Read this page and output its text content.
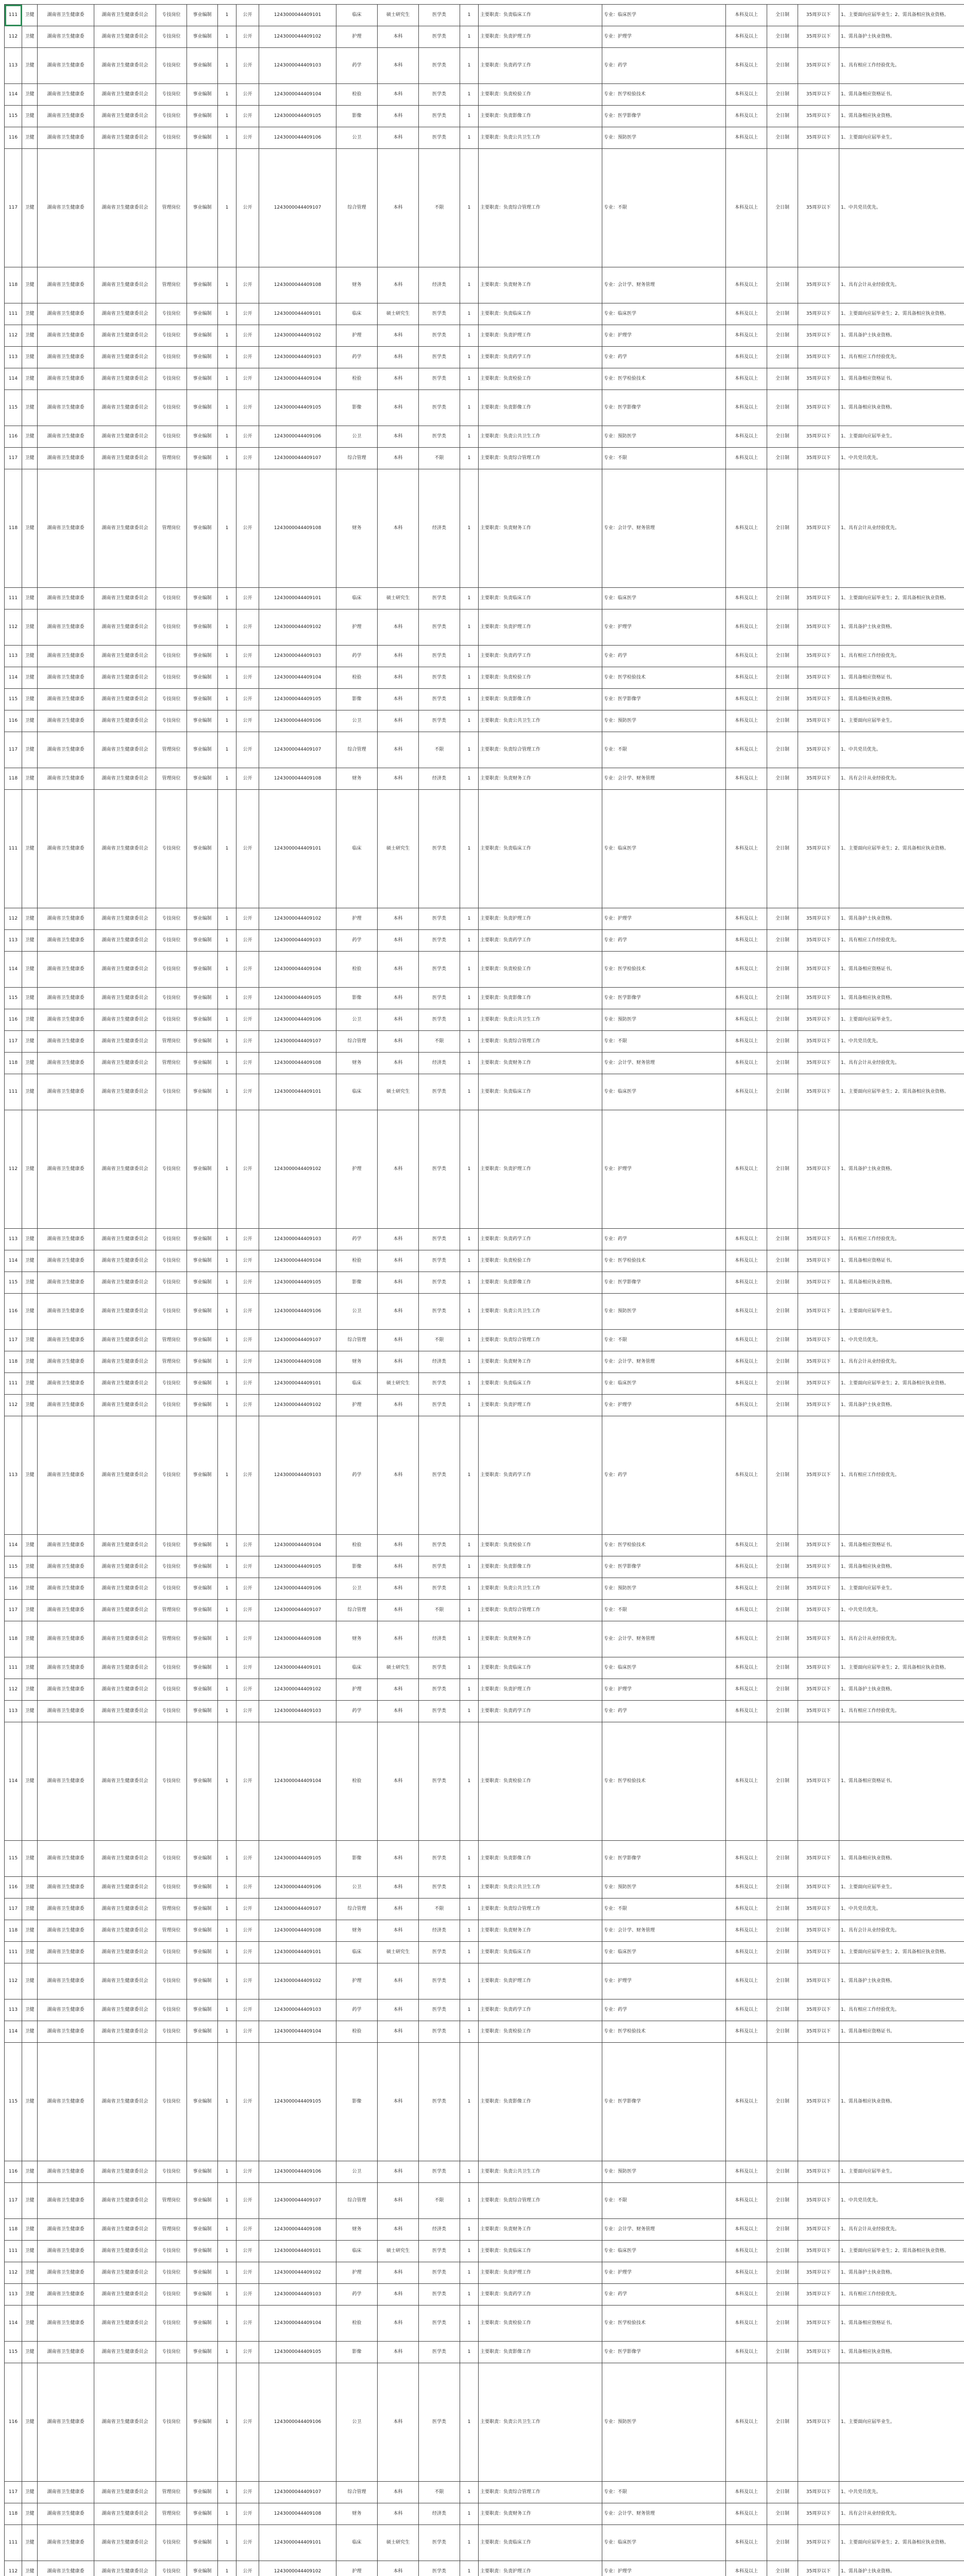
111	卫健	湖南省卫生健康委	湖南省卫生健康委员会	专技岗位	事业编制	1	公开	1243000044409101	临床	硕士研究生	医学类	1	主要职责：负责临床工作	专业：临床医学	本科及以上	全日制	35周岁以下	1、主要面向应届毕业生；2、需具备相应执业资格。
112	卫健	湖南省卫生健康委	湖南省卫生健康委员会	专技岗位	事业编制	1	公开	1243000044409102	护理	本科	医学类	1	主要职责：负责护理工作	专业：护理学	本科及以上	全日制	35周岁以下	1、需具备护士执业资格。
113	卫健	湖南省卫生健康委	湖南省卫生健康委员会	专技岗位	事业编制	1	公开	1243000044409103	药学	本科	医学类	1	主要职责：负责药学工作	专业：药学	本科及以上	全日制	35周岁以下	1、具有相应工作经验优先。
114	卫健	湖南省卫生健康委	湖南省卫生健康委员会	专技岗位	事业编制	1	公开	1243000044409104	检验	本科	医学类	1	主要职责：负责检验工作	专业：医学检验技术	本科及以上	全日制	35周岁以下	1、需具备相应资格证书。
115	卫健	湖南省卫生健康委	湖南省卫生健康委员会	专技岗位	事业编制	1	公开	1243000044409105	影像	本科	医学类	1	主要职责：负责影像工作	专业：医学影像学	本科及以上	全日制	35周岁以下	1、需具备相应执业资格。
116	卫健	湖南省卫生健康委	湖南省卫生健康委员会	专技岗位	事业编制	1	公开	1243000044409106	公卫	本科	医学类	1	主要职责：负责公共卫生工作	专业：预防医学	本科及以上	全日制	35周岁以下	1、主要面向应届毕业生。
117	卫健	湖南省卫生健康委	湖南省卫生健康委员会	管理岗位	事业编制	1	公开	1243000044409107	综合管理	本科	不限	1	主要职责：负责综合管理工作	专业：不限	本科及以上	全日制	35周岁以下	1、中共党员优先。
118	卫健	湖南省卫生健康委	湖南省卫生健康委员会	管理岗位	事业编制	1	公开	1243000044409108	财务	本科	经济类	1	主要职责：负责财务工作	专业：会计学、财务管理	本科及以上	全日制	35周岁以下	1、具有会计从业经验优先。
111	卫健	湖南省卫生健康委	湖南省卫生健康委员会	专技岗位	事业编制	1	公开	1243000044409101	临床	硕士研究生	医学类	1	主要职责：负责临床工作	专业：临床医学	本科及以上	全日制	35周岁以下	1、主要面向应届毕业生；2、需具备相应执业资格。
112	卫健	湖南省卫生健康委	湖南省卫生健康委员会	专技岗位	事业编制	1	公开	1243000044409102	护理	本科	医学类	1	主要职责：负责护理工作	专业：护理学	本科及以上	全日制	35周岁以下	1、需具备护士执业资格。
113	卫健	湖南省卫生健康委	湖南省卫生健康委员会	专技岗位	事业编制	1	公开	1243000044409103	药学	本科	医学类	1	主要职责：负责药学工作	专业：药学	本科及以上	全日制	35周岁以下	1、具有相应工作经验优先。
114	卫健	湖南省卫生健康委	湖南省卫生健康委员会	专技岗位	事业编制	1	公开	1243000044409104	检验	本科	医学类	1	主要职责：负责检验工作	专业：医学检验技术	本科及以上	全日制	35周岁以下	1、需具备相应资格证书。
115	卫健	湖南省卫生健康委	湖南省卫生健康委员会	专技岗位	事业编制	1	公开	1243000044409105	影像	本科	医学类	1	主要职责：负责影像工作	专业：医学影像学	本科及以上	全日制	35周岁以下	1、需具备相应执业资格。
116	卫健	湖南省卫生健康委	湖南省卫生健康委员会	专技岗位	事业编制	1	公开	1243000044409106	公卫	本科	医学类	1	主要职责：负责公共卫生工作	专业：预防医学	本科及以上	全日制	35周岁以下	1、主要面向应届毕业生。
117	卫健	湖南省卫生健康委	湖南省卫生健康委员会	管理岗位	事业编制	1	公开	1243000044409107	综合管理	本科	不限	1	主要职责：负责综合管理工作	专业：不限	本科及以上	全日制	35周岁以下	1、中共党员优先。
118	卫健	湖南省卫生健康委	湖南省卫生健康委员会	管理岗位	事业编制	1	公开	1243000044409108	财务	本科	经济类	1	主要职责：负责财务工作	专业：会计学、财务管理	本科及以上	全日制	35周岁以下	1、具有会计从业经验优先。
111	卫健	湖南省卫生健康委	湖南省卫生健康委员会	专技岗位	事业编制	1	公开	1243000044409101	临床	硕士研究生	医学类	1	主要职责：负责临床工作	专业：临床医学	本科及以上	全日制	35周岁以下	1、主要面向应届毕业生；2、需具备相应执业资格。
112	卫健	湖南省卫生健康委	湖南省卫生健康委员会	专技岗位	事业编制	1	公开	1243000044409102	护理	本科	医学类	1	主要职责：负责护理工作	专业：护理学	本科及以上	全日制	35周岁以下	1、需具备护士执业资格。
113	卫健	湖南省卫生健康委	湖南省卫生健康委员会	专技岗位	事业编制	1	公开	1243000044409103	药学	本科	医学类	1	主要职责：负责药学工作	专业：药学	本科及以上	全日制	35周岁以下	1、具有相应工作经验优先。
114	卫健	湖南省卫生健康委	湖南省卫生健康委员会	专技岗位	事业编制	1	公开	1243000044409104	检验	本科	医学类	1	主要职责：负责检验工作	专业：医学检验技术	本科及以上	全日制	35周岁以下	1、需具备相应资格证书。
115	卫健	湖南省卫生健康委	湖南省卫生健康委员会	专技岗位	事业编制	1	公开	1243000044409105	影像	本科	医学类	1	主要职责：负责影像工作	专业：医学影像学	本科及以上	全日制	35周岁以下	1、需具备相应执业资格。
116	卫健	湖南省卫生健康委	湖南省卫生健康委员会	专技岗位	事业编制	1	公开	1243000044409106	公卫	本科	医学类	1	主要职责：负责公共卫生工作	专业：预防医学	本科及以上	全日制	35周岁以下	1、主要面向应届毕业生。
117	卫健	湖南省卫生健康委	湖南省卫生健康委员会	管理岗位	事业编制	1	公开	1243000044409107	综合管理	本科	不限	1	主要职责：负责综合管理工作	专业：不限	本科及以上	全日制	35周岁以下	1、中共党员优先。
118	卫健	湖南省卫生健康委	湖南省卫生健康委员会	管理岗位	事业编制	1	公开	1243000044409108	财务	本科	经济类	1	主要职责：负责财务工作	专业：会计学、财务管理	本科及以上	全日制	35周岁以下	1、具有会计从业经验优先。
111	卫健	湖南省卫生健康委	湖南省卫生健康委员会	专技岗位	事业编制	1	公开	1243000044409101	临床	硕士研究生	医学类	1	主要职责：负责临床工作	专业：临床医学	本科及以上	全日制	35周岁以下	1、主要面向应届毕业生；2、需具备相应执业资格。
112	卫健	湖南省卫生健康委	湖南省卫生健康委员会	专技岗位	事业编制	1	公开	1243000044409102	护理	本科	医学类	1	主要职责：负责护理工作	专业：护理学	本科及以上	全日制	35周岁以下	1、需具备护士执业资格。
113	卫健	湖南省卫生健康委	湖南省卫生健康委员会	专技岗位	事业编制	1	公开	1243000044409103	药学	本科	医学类	1	主要职责：负责药学工作	专业：药学	本科及以上	全日制	35周岁以下	1、具有相应工作经验优先。
114	卫健	湖南省卫生健康委	湖南省卫生健康委员会	专技岗位	事业编制	1	公开	1243000044409104	检验	本科	医学类	1	主要职责：负责检验工作	专业：医学检验技术	本科及以上	全日制	35周岁以下	1、需具备相应资格证书。
115	卫健	湖南省卫生健康委	湖南省卫生健康委员会	专技岗位	事业编制	1	公开	1243000044409105	影像	本科	医学类	1	主要职责：负责影像工作	专业：医学影像学	本科及以上	全日制	35周岁以下	1、需具备相应执业资格。
116	卫健	湖南省卫生健康委	湖南省卫生健康委员会	专技岗位	事业编制	1	公开	1243000044409106	公卫	本科	医学类	1	主要职责：负责公共卫生工作	专业：预防医学	本科及以上	全日制	35周岁以下	1、主要面向应届毕业生。
117	卫健	湖南省卫生健康委	湖南省卫生健康委员会	管理岗位	事业编制	1	公开	1243000044409107	综合管理	本科	不限	1	主要职责：负责综合管理工作	专业：不限	本科及以上	全日制	35周岁以下	1、中共党员优先。
118	卫健	湖南省卫生健康委	湖南省卫生健康委员会	管理岗位	事业编制	1	公开	1243000044409108	财务	本科	经济类	1	主要职责：负责财务工作	专业：会计学、财务管理	本科及以上	全日制	35周岁以下	1、具有会计从业经验优先。
111	卫健	湖南省卫生健康委	湖南省卫生健康委员会	专技岗位	事业编制	1	公开	1243000044409101	临床	硕士研究生	医学类	1	主要职责：负责临床工作	专业：临床医学	本科及以上	全日制	35周岁以下	1、主要面向应届毕业生；2、需具备相应执业资格。
112	卫健	湖南省卫生健康委	湖南省卫生健康委员会	专技岗位	事业编制	1	公开	1243000044409102	护理	本科	医学类	1	主要职责：负责护理工作	专业：护理学	本科及以上	全日制	35周岁以下	1、需具备护士执业资格。
113	卫健	湖南省卫生健康委	湖南省卫生健康委员会	专技岗位	事业编制	1	公开	1243000044409103	药学	本科	医学类	1	主要职责：负责药学工作	专业：药学	本科及以上	全日制	35周岁以下	1、具有相应工作经验优先。
114	卫健	湖南省卫生健康委	湖南省卫生健康委员会	专技岗位	事业编制	1	公开	1243000044409104	检验	本科	医学类	1	主要职责：负责检验工作	专业：医学检验技术	本科及以上	全日制	35周岁以下	1、需具备相应资格证书。
115	卫健	湖南省卫生健康委	湖南省卫生健康委员会	专技岗位	事业编制	1	公开	1243000044409105	影像	本科	医学类	1	主要职责：负责影像工作	专业：医学影像学	本科及以上	全日制	35周岁以下	1、需具备相应执业资格。
116	卫健	湖南省卫生健康委	湖南省卫生健康委员会	专技岗位	事业编制	1	公开	1243000044409106	公卫	本科	医学类	1	主要职责：负责公共卫生工作	专业：预防医学	本科及以上	全日制	35周岁以下	1、主要面向应届毕业生。
117	卫健	湖南省卫生健康委	湖南省卫生健康委员会	管理岗位	事业编制	1	公开	1243000044409107	综合管理	本科	不限	1	主要职责：负责综合管理工作	专业：不限	本科及以上	全日制	35周岁以下	1、中共党员优先。
118	卫健	湖南省卫生健康委	湖南省卫生健康委员会	管理岗位	事业编制	1	公开	1243000044409108	财务	本科	经济类	1	主要职责：负责财务工作	专业：会计学、财务管理	本科及以上	全日制	35周岁以下	1、具有会计从业经验优先。
111	卫健	湖南省卫生健康委	湖南省卫生健康委员会	专技岗位	事业编制	1	公开	1243000044409101	临床	硕士研究生	医学类	1	主要职责：负责临床工作	专业：临床医学	本科及以上	全日制	35周岁以下	1、主要面向应届毕业生；2、需具备相应执业资格。
112	卫健	湖南省卫生健康委	湖南省卫生健康委员会	专技岗位	事业编制	1	公开	1243000044409102	护理	本科	医学类	1	主要职责：负责护理工作	专业：护理学	本科及以上	全日制	35周岁以下	1、需具备护士执业资格。
113	卫健	湖南省卫生健康委	湖南省卫生健康委员会	专技岗位	事业编制	1	公开	1243000044409103	药学	本科	医学类	1	主要职责：负责药学工作	专业：药学	本科及以上	全日制	35周岁以下	1、具有相应工作经验优先。
114	卫健	湖南省卫生健康委	湖南省卫生健康委员会	专技岗位	事业编制	1	公开	1243000044409104	检验	本科	医学类	1	主要职责：负责检验工作	专业：医学检验技术	本科及以上	全日制	35周岁以下	1、需具备相应资格证书。
115	卫健	湖南省卫生健康委	湖南省卫生健康委员会	专技岗位	事业编制	1	公开	1243000044409105	影像	本科	医学类	1	主要职责：负责影像工作	专业：医学影像学	本科及以上	全日制	35周岁以下	1、需具备相应执业资格。
116	卫健	湖南省卫生健康委	湖南省卫生健康委员会	专技岗位	事业编制	1	公开	1243000044409106	公卫	本科	医学类	1	主要职责：负责公共卫生工作	专业：预防医学	本科及以上	全日制	35周岁以下	1、主要面向应届毕业生。
117	卫健	湖南省卫生健康委	湖南省卫生健康委员会	管理岗位	事业编制	1	公开	1243000044409107	综合管理	本科	不限	1	主要职责：负责综合管理工作	专业：不限	本科及以上	全日制	35周岁以下	1、中共党员优先。
118	卫健	湖南省卫生健康委	湖南省卫生健康委员会	管理岗位	事业编制	1	公开	1243000044409108	财务	本科	经济类	1	主要职责：负责财务工作	专业：会计学、财务管理	本科及以上	全日制	35周岁以下	1、具有会计从业经验优先。
111	卫健	湖南省卫生健康委	湖南省卫生健康委员会	专技岗位	事业编制	1	公开	1243000044409101	临床	硕士研究生	医学类	1	主要职责：负责临床工作	专业：临床医学	本科及以上	全日制	35周岁以下	1、主要面向应届毕业生；2、需具备相应执业资格。
112	卫健	湖南省卫生健康委	湖南省卫生健康委员会	专技岗位	事业编制	1	公开	1243000044409102	护理	本科	医学类	1	主要职责：负责护理工作	专业：护理学	本科及以上	全日制	35周岁以下	1、需具备护士执业资格。
113	卫健	湖南省卫生健康委	湖南省卫生健康委员会	专技岗位	事业编制	1	公开	1243000044409103	药学	本科	医学类	1	主要职责：负责药学工作	专业：药学	本科及以上	全日制	35周岁以下	1、具有相应工作经验优先。
114	卫健	湖南省卫生健康委	湖南省卫生健康委员会	专技岗位	事业编制	1	公开	1243000044409104	检验	本科	医学类	1	主要职责：负责检验工作	专业：医学检验技术	本科及以上	全日制	35周岁以下	1、需具备相应资格证书。
115	卫健	湖南省卫生健康委	湖南省卫生健康委员会	专技岗位	事业编制	1	公开	1243000044409105	影像	本科	医学类	1	主要职责：负责影像工作	专业：医学影像学	本科及以上	全日制	35周岁以下	1、需具备相应执业资格。
116	卫健	湖南省卫生健康委	湖南省卫生健康委员会	专技岗位	事业编制	1	公开	1243000044409106	公卫	本科	医学类	1	主要职责：负责公共卫生工作	专业：预防医学	本科及以上	全日制	35周岁以下	1、主要面向应届毕业生。
117	卫健	湖南省卫生健康委	湖南省卫生健康委员会	管理岗位	事业编制	1	公开	1243000044409107	综合管理	本科	不限	1	主要职责：负责综合管理工作	专业：不限	本科及以上	全日制	35周岁以下	1、中共党员优先。
118	卫健	湖南省卫生健康委	湖南省卫生健康委员会	管理岗位	事业编制	1	公开	1243000044409108	财务	本科	经济类	1	主要职责：负责财务工作	专业：会计学、财务管理	本科及以上	全日制	35周岁以下	1、具有会计从业经验优先。
111	卫健	湖南省卫生健康委	湖南省卫生健康委员会	专技岗位	事业编制	1	公开	1243000044409101	临床	硕士研究生	医学类	1	主要职责：负责临床工作	专业：临床医学	本科及以上	全日制	35周岁以下	1、主要面向应届毕业生；2、需具备相应执业资格。
112	卫健	湖南省卫生健康委	湖南省卫生健康委员会	专技岗位	事业编制	1	公开	1243000044409102	护理	本科	医学类	1	主要职责：负责护理工作	专业：护理学	本科及以上	全日制	35周岁以下	1、需具备护士执业资格。
113	卫健	湖南省卫生健康委	湖南省卫生健康委员会	专技岗位	事业编制	1	公开	1243000044409103	药学	本科	医学类	1	主要职责：负责药学工作	专业：药学	本科及以上	全日制	35周岁以下	1、具有相应工作经验优先。
114	卫健	湖南省卫生健康委	湖南省卫生健康委员会	专技岗位	事业编制	1	公开	1243000044409104	检验	本科	医学类	1	主要职责：负责检验工作	专业：医学检验技术	本科及以上	全日制	35周岁以下	1、需具备相应资格证书。
115	卫健	湖南省卫生健康委	湖南省卫生健康委员会	专技岗位	事业编制	1	公开	1243000044409105	影像	本科	医学类	1	主要职责：负责影像工作	专业：医学影像学	本科及以上	全日制	35周岁以下	1、需具备相应执业资格。
116	卫健	湖南省卫生健康委	湖南省卫生健康委员会	专技岗位	事业编制	1	公开	1243000044409106	公卫	本科	医学类	1	主要职责：负责公共卫生工作	专业：预防医学	本科及以上	全日制	35周岁以下	1、主要面向应届毕业生。
117	卫健	湖南省卫生健康委	湖南省卫生健康委员会	管理岗位	事业编制	1	公开	1243000044409107	综合管理	本科	不限	1	主要职责：负责综合管理工作	专业：不限	本科及以上	全日制	35周岁以下	1、中共党员优先。
118	卫健	湖南省卫生健康委	湖南省卫生健康委员会	管理岗位	事业编制	1	公开	1243000044409108	财务	本科	经济类	1	主要职责：负责财务工作	专业：会计学、财务管理	本科及以上	全日制	35周岁以下	1、具有会计从业经验优先。
111	卫健	湖南省卫生健康委	湖南省卫生健康委员会	专技岗位	事业编制	1	公开	1243000044409101	临床	硕士研究生	医学类	1	主要职责：负责临床工作	专业：临床医学	本科及以上	全日制	35周岁以下	1、主要面向应届毕业生；2、需具备相应执业资格。
112	卫健	湖南省卫生健康委	湖南省卫生健康委员会	专技岗位	事业编制	1	公开	1243000044409102	护理	本科	医学类	1	主要职责：负责护理工作	专业：护理学	本科及以上	全日制	35周岁以下	1、需具备护士执业资格。
113	卫健	湖南省卫生健康委	湖南省卫生健康委员会	专技岗位	事业编制	1	公开	1243000044409103	药学	本科	医学类	1	主要职责：负责药学工作	专业：药学	本科及以上	全日制	35周岁以下	1、具有相应工作经验优先。
114	卫健	湖南省卫生健康委	湖南省卫生健康委员会	专技岗位	事业编制	1	公开	1243000044409104	检验	本科	医学类	1	主要职责：负责检验工作	专业：医学检验技术	本科及以上	全日制	35周岁以下	1、需具备相应资格证书。
115	卫健	湖南省卫生健康委	湖南省卫生健康委员会	专技岗位	事业编制	1	公开	1243000044409105	影像	本科	医学类	1	主要职责：负责影像工作	专业：医学影像学	本科及以上	全日制	35周岁以下	1、需具备相应执业资格。
116	卫健	湖南省卫生健康委	湖南省卫生健康委员会	专技岗位	事业编制	1	公开	1243000044409106	公卫	本科	医学类	1	主要职责：负责公共卫生工作	专业：预防医学	本科及以上	全日制	35周岁以下	1、主要面向应届毕业生。
117	卫健	湖南省卫生健康委	湖南省卫生健康委员会	管理岗位	事业编制	1	公开	1243000044409107	综合管理	本科	不限	1	主要职责：负责综合管理工作	专业：不限	本科及以上	全日制	35周岁以下	1、中共党员优先。
118	卫健	湖南省卫生健康委	湖南省卫生健康委员会	管理岗位	事业编制	1	公开	1243000044409108	财务	本科	经济类	1	主要职责：负责财务工作	专业：会计学、财务管理	本科及以上	全日制	35周岁以下	1、具有会计从业经验优先。
111	卫健	湖南省卫生健康委	湖南省卫生健康委员会	专技岗位	事业编制	1	公开	1243000044409101	临床	硕士研究生	医学类	1	主要职责：负责临床工作	专业：临床医学	本科及以上	全日制	35周岁以下	1、主要面向应届毕业生；2、需具备相应执业资格。
112	卫健	湖南省卫生健康委	湖南省卫生健康委员会	专技岗位	事业编制	1	公开	1243000044409102	护理	本科	医学类	1	主要职责：负责护理工作	专业：护理学	本科及以上	全日制	35周岁以下	1、需具备护士执业资格。
